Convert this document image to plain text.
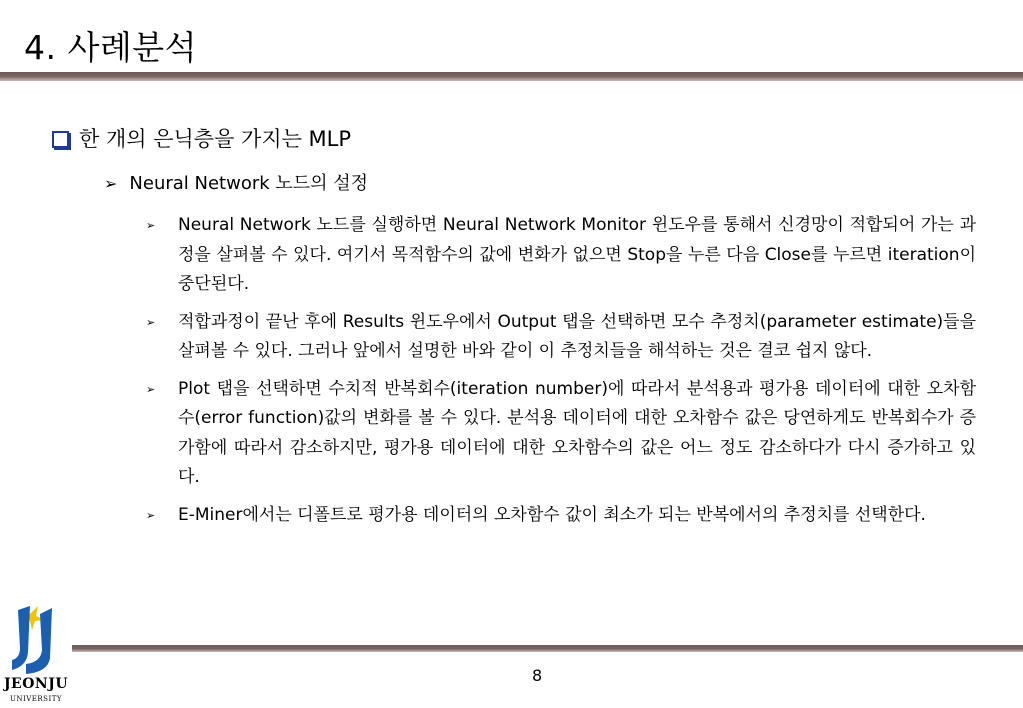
4. 사례분석
한 개의 은닉층을 가지는 MLP
➢ Neural Network 노드의 설정
➢ Neural Network 노드를 실행하면 Neural Network Monitor 윈도우를 통해서 신경망이 적합되어 가는 과정을 살펴볼 수 있다. 여기서 목적함수의 값에 변화가 없으면 Stop을 누른 다음 Close를 누르면 iteration이 중단된다.
➢ 적합과정이 끝난 후에 Results 윈도우에서 Output 탭을 선택하면 모수 추정치(parameter estimate)들을 살펴볼 수 있다. 그러나 앞에서 설명한 바와 같이 이 추정치들을 해석하는 것은 결코 쉽지 않다.
➢ Plot 탭을 선택하면 수치적 반복회수(iteration number)에 따라서 분석용과 평가용 데이터에 대한 오차함수(error function)값의 변화를 볼 수 있다. 분석용 데이터에 대한 오차함수 값은 당연하게도 반복회수가 증가함에 따라서 감소하지만, 평가용 데이터에 대한 오차함수의 값은 어느 정도 감소하다가 다시 증가하고 있다.
➢ E-Miner에서는 디폴트로 평가용 데이터의 오차함수 값이 최소가 되는 반복에서의 추정치를 선택한다.
8
JEONJU
UNIVERSITY
